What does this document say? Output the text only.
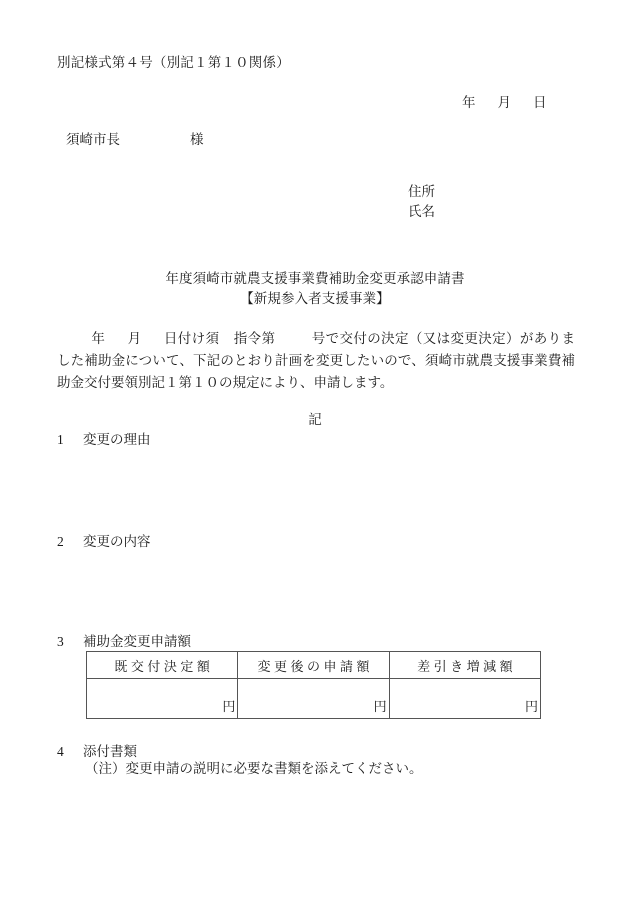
別記様式第４号（別記１第１０関係）
年 月 日
須崎市長	様
住所
氏名
年度須崎市就農支援事業費補助金変更承認申請書
【新規参入者支援事業】
年 月 日付け須 指令第	号で交付の決定（又は変更決定）がありました補助金について、下記のとおり計画を変更したいので、須崎市就農支援事業費補助金交付要領別記１第１０の規定により、申請します。
記
1 変更の理由
2 変更の内容
3 補助金変更申請額
既交付決定額	変更後の申請額	差引き増減額
円	円	円
4 添付書類
（注）変更申請の説明に必要な書類を添えてください。
